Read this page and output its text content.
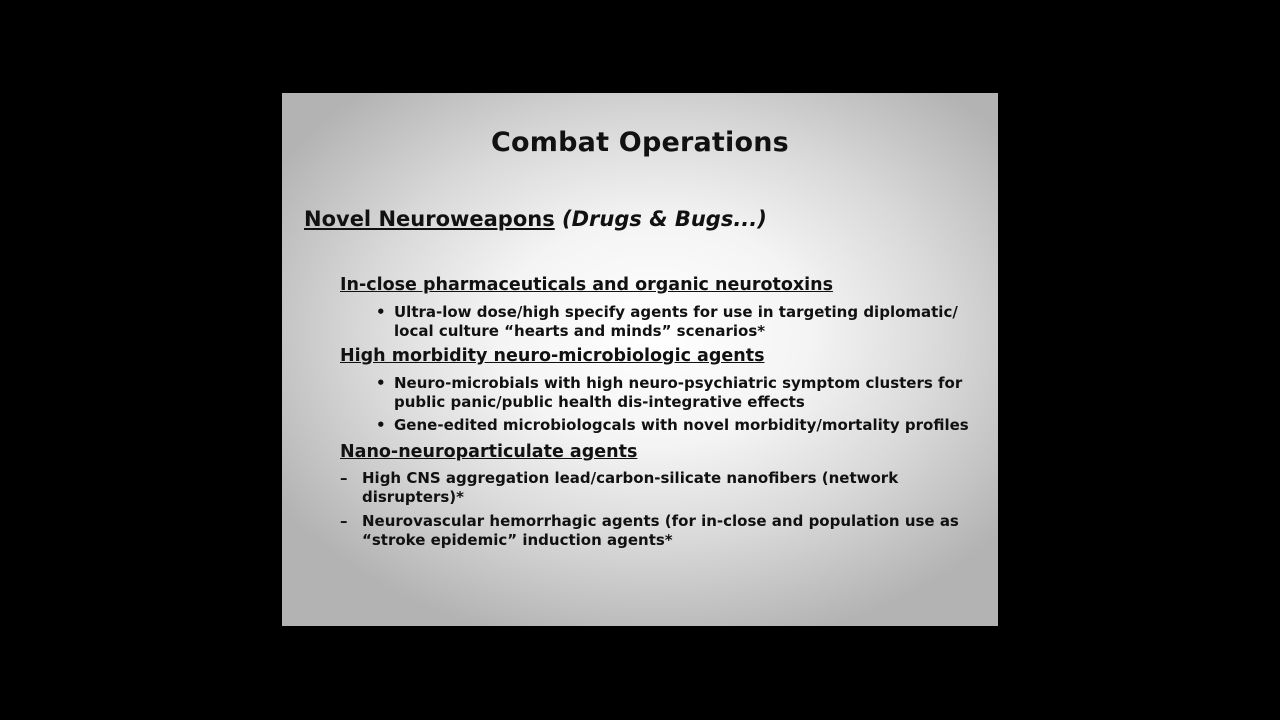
Combat Operations
Novel Neuroweapons (Drugs & Bugs...)
In-close pharmaceuticals and organic neurotoxins
• Ultra-low dose/high specify agents for use in targeting diplomatic/
local culture “hearts and minds” scenarios*
High morbidity neuro-microbiologic agents
• Neuro-microbials with high neuro-psychiatric symptom clusters for
public panic/public health dis-integrative effects
• Gene-edited microbiologcals with novel morbidity/mortality profiles
Nano-neuroparticulate agents
– High CNS aggregation lead/carbon-silicate nanofibers (network
disrupters)*
– Neurovascular hemorrhagic agents (for in-close and population use as
“stroke epidemic” induction agents*
